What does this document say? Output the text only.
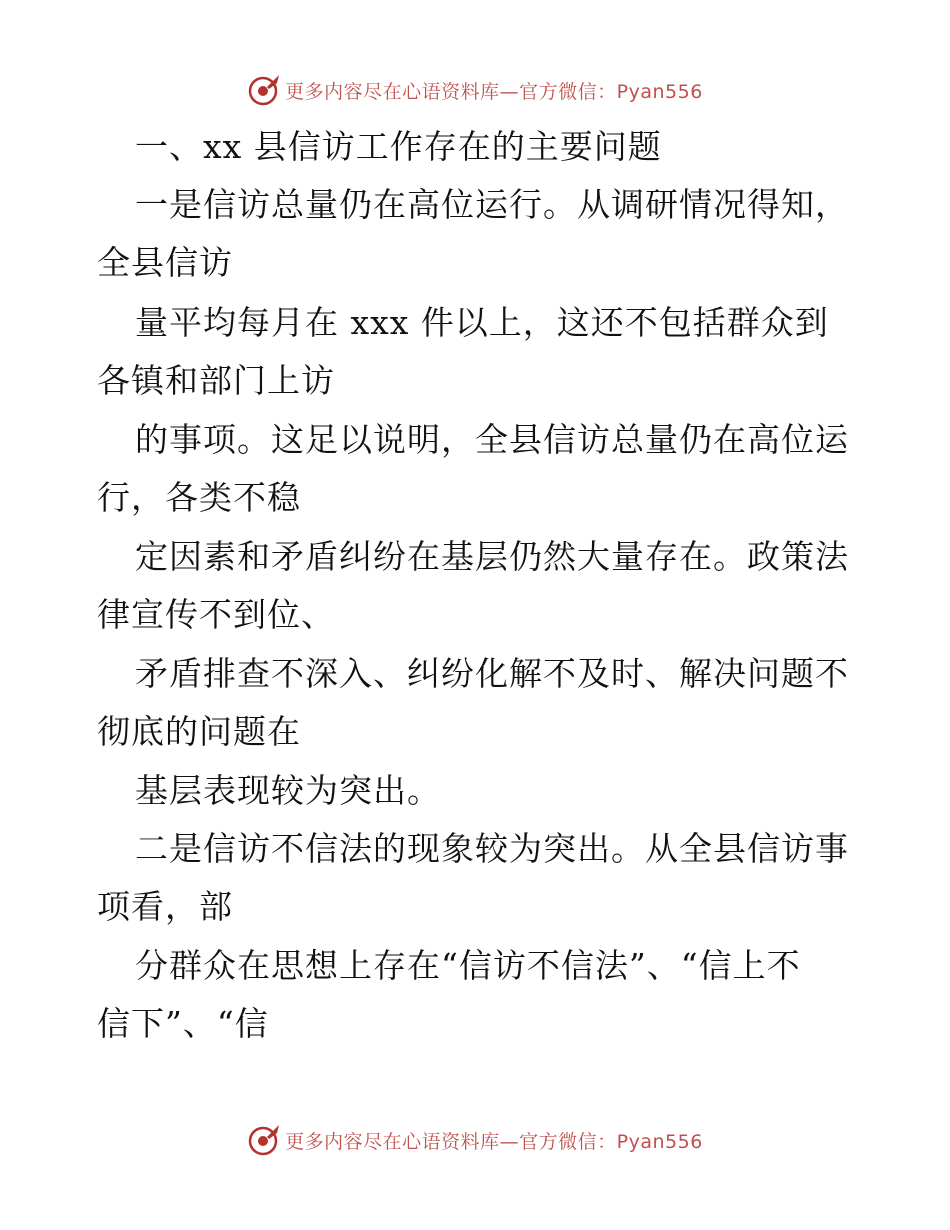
更多内容尽在心语资料库—官方微信：Pyan556
一、xx 县信访工作存在的主要问题
一是信访总量仍在高位运行。从调研情况得知，
全县信访
量平均每月在 xxx 件以上，这还不包括群众到
各镇和部门上访
的事项。这足以说明，全县信访总量仍在高位运
行，各类不稳
定因素和矛盾纠纷在基层仍然大量存在。政策法
律宣传不到位、
矛盾排查不深入、纠纷化解不及时、解决问题不
彻底的问题在
基层表现较为突出。
二是信访不信法的现象较为突出。从全县信访事
项看，部
分群众在思想上存在“信访不信法”、“信上不
信下”、“信
更多内容尽在心语资料库—官方微信：Pyan556
